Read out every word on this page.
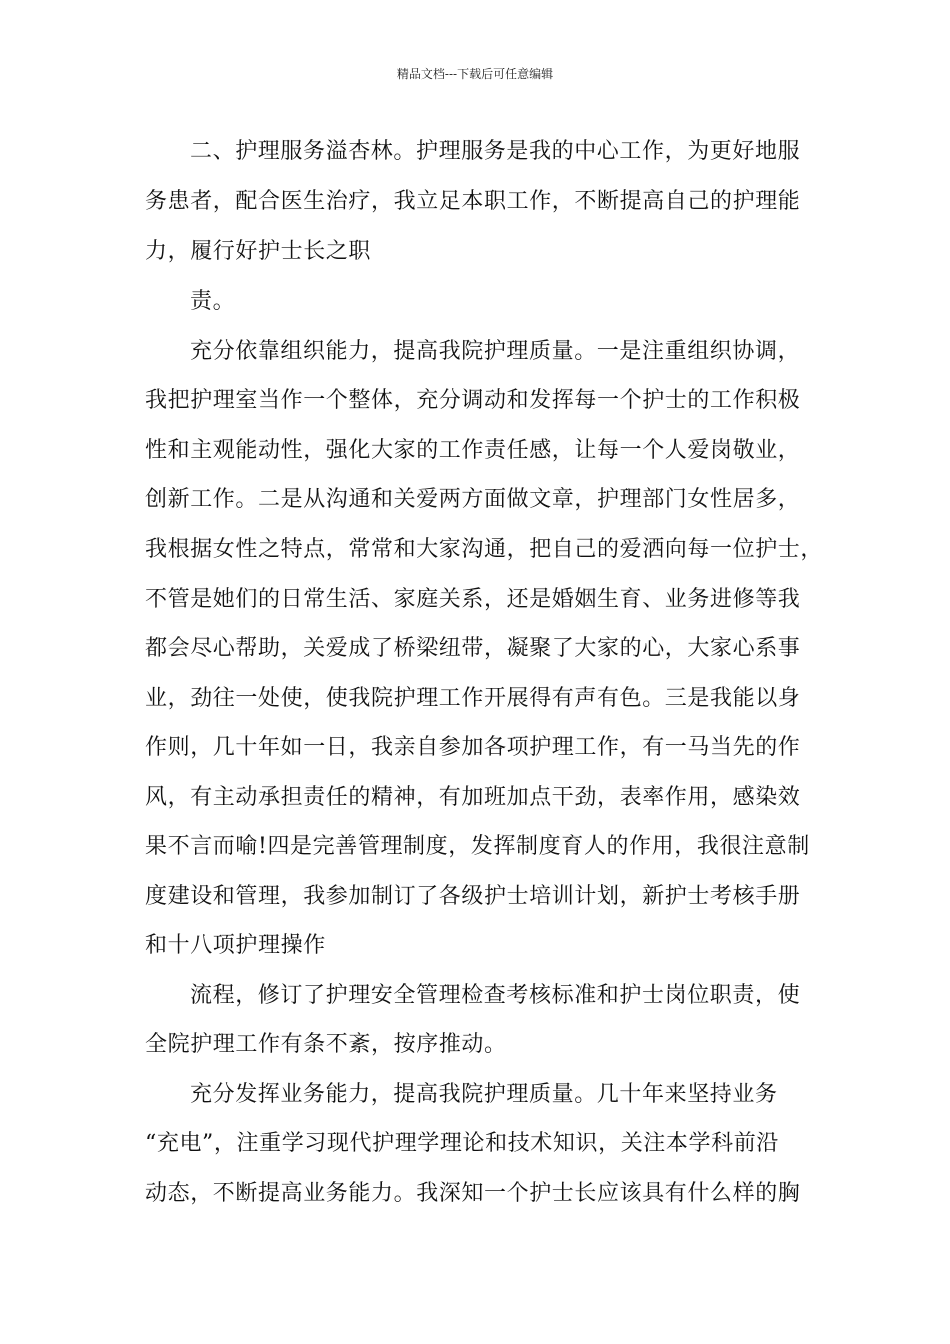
精品文档---下载后可任意编辑
二、护理服务溢杏林。护理服务是我的中心工作，为更好地服
务患者，配合医生治疗，我立足本职工作，不断提高自己的护理能
力，履行好护士长之职
责。
充分依靠组织能力，提高我院护理质量。一是注重组织协调，
我把护理室当作一个整体，充分调动和发挥每一个护士的工作积极
性和主观能动性，强化大家的工作责任感，让每一个人爱岗敬业，
创新工作。二是从沟通和关爱两方面做文章，护理部门女性居多，
我根据女性之特点，常常和大家沟通，把自己的爱洒向每一位护士，
不管是她们的日常生活、家庭关系，还是婚姻生育、业务进修等我
都会尽心帮助，关爱成了桥梁纽带，凝聚了大家的心，大家心系事
业，劲往一处使，使我院护理工作开展得有声有色。三是我能以身
作则，几十年如一日，我亲自参加各项护理工作，有一马当先的作
风，有主动承担责任的精神，有加班加点干劲，表率作用，感染效
果不言而喻!四是完善管理制度，发挥制度育人的作用，我很注意制
度建设和管理，我参加制订了各级护士培训计划，新护士考核手册
和十八项护理操作
流程，修订了护理安全管理检查考核标准和护士岗位职责，使
全院护理工作有条不紊，按序推动。
充分发挥业务能力，提高我院护理质量。几十年来坚持业务
“充电”，注重学习现代护理学理论和技术知识，关注本学科前沿
动态，不断提高业务能力。我深知一个护士长应该具有什么样的胸
